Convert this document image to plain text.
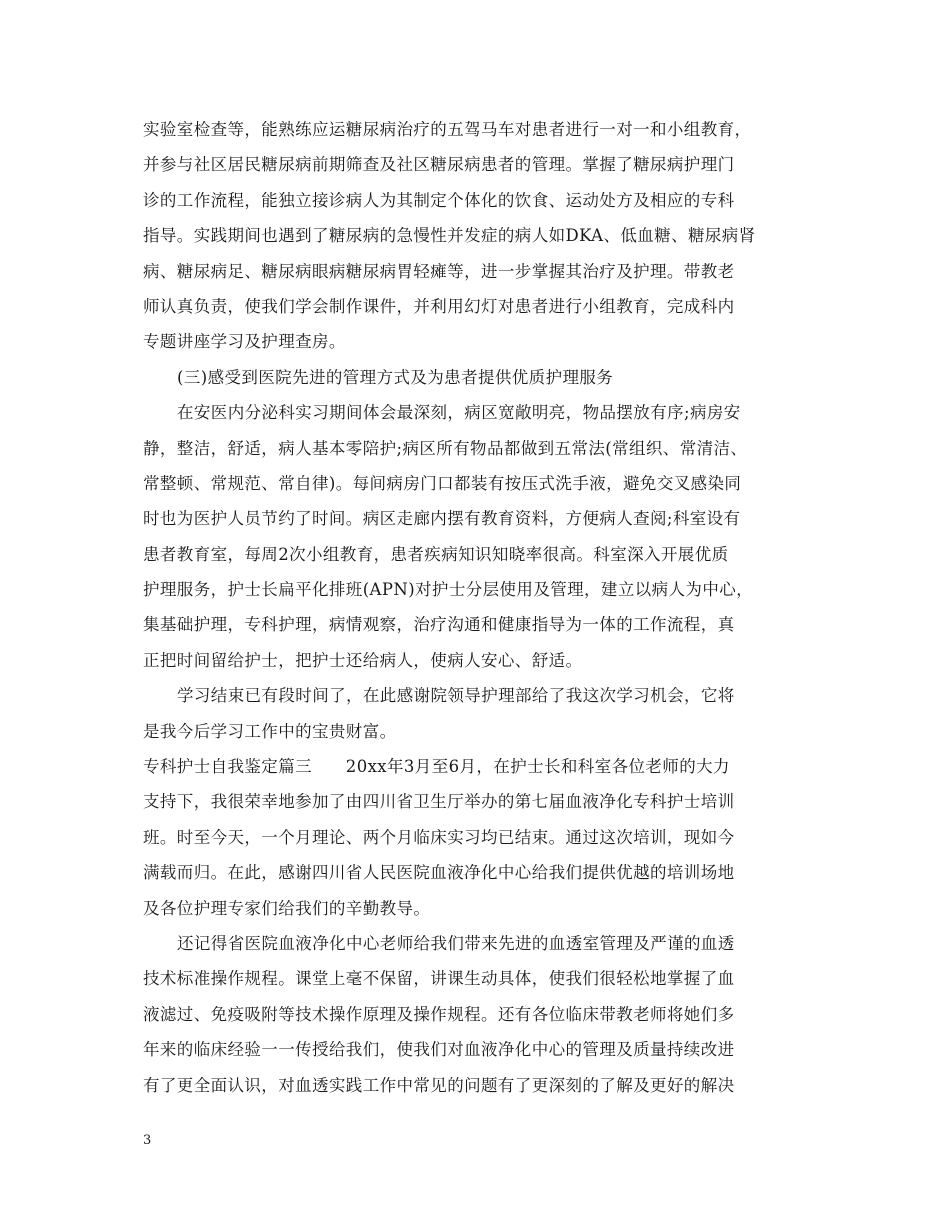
实验室检查等，能熟练应运糖尿病治疗的五驾马车对患者进行一对一和小组教育，
并参与社区居民糖尿病前期筛查及社区糖尿病患者的管理。掌握了糖尿病护理门
诊的工作流程，能独立接诊病人为其制定个体化的饮食、运动处方及相应的专科
指导。实践期间也遇到了糖尿病的急慢性并发症的病人如DKA、低血糖、糖尿病肾
病、糖尿病足、糖尿病眼病糖尿病胃轻瘫等，进一步掌握其治疗及护理。带教老
师认真负责，使我们学会制作课件，并利用幻灯对患者进行小组教育，完成科内
专题讲座学习及护理查房。
(三)感受到医院先进的管理方式及为患者提供优质护理服务
在安医内分泌科实习期间体会最深刻，病区宽敞明亮，物品摆放有序;病房安
静，整洁，舒适，病人基本零陪护;病区所有物品都做到五常法(常组织、常清洁、
常整顿、常规范、常自律)。每间病房门口都装有按压式洗手液，避免交叉感染同
时也为医护人员节约了时间。病区走廊内摆有教育资料，方便病人查阅;科室设有
患者教育室，每周2次小组教育，患者疾病知识知晓率很高。科室深入开展优质
护理服务，护士长扁平化排班(APN)对护士分层使用及管理，建立以病人为中心，
集基础护理，专科护理，病情观察，治疗沟通和健康指导为一体的工作流程，真
正把时间留给护士，把护士还给病人，使病人安心、舒适。
学习结束已有段时间了，在此感谢院领导护理部给了我这次学习机会，它将
是我今后学习工作中的宝贵财富。
专科护士自我鉴定篇三　　20xx年3月至6月，在护士长和科室各位老师的大力
支持下，我很荣幸地参加了由四川省卫生厅举办的第七届血液净化专科护士培训
班。时至今天，一个月理论、两个月临床实习均已结束。通过这次培训，现如今
满载而归。在此，感谢四川省人民医院血液净化中心给我们提供优越的培训场地
及各位护理专家们给我们的辛勤教导。
还记得省医院血液净化中心老师给我们带来先进的血透室管理及严谨的血透
技术标准操作规程。课堂上毫不保留，讲课生动具体，使我们很轻松地掌握了血
液滤过、免疫吸附等技术操作原理及操作规程。还有各位临床带教老师将她们多
年来的临床经验一一传授给我们，使我们对血液净化中心的管理及质量持续改进
有了更全面认识，对血透实践工作中常见的问题有了更深刻的了解及更好的解决
3
